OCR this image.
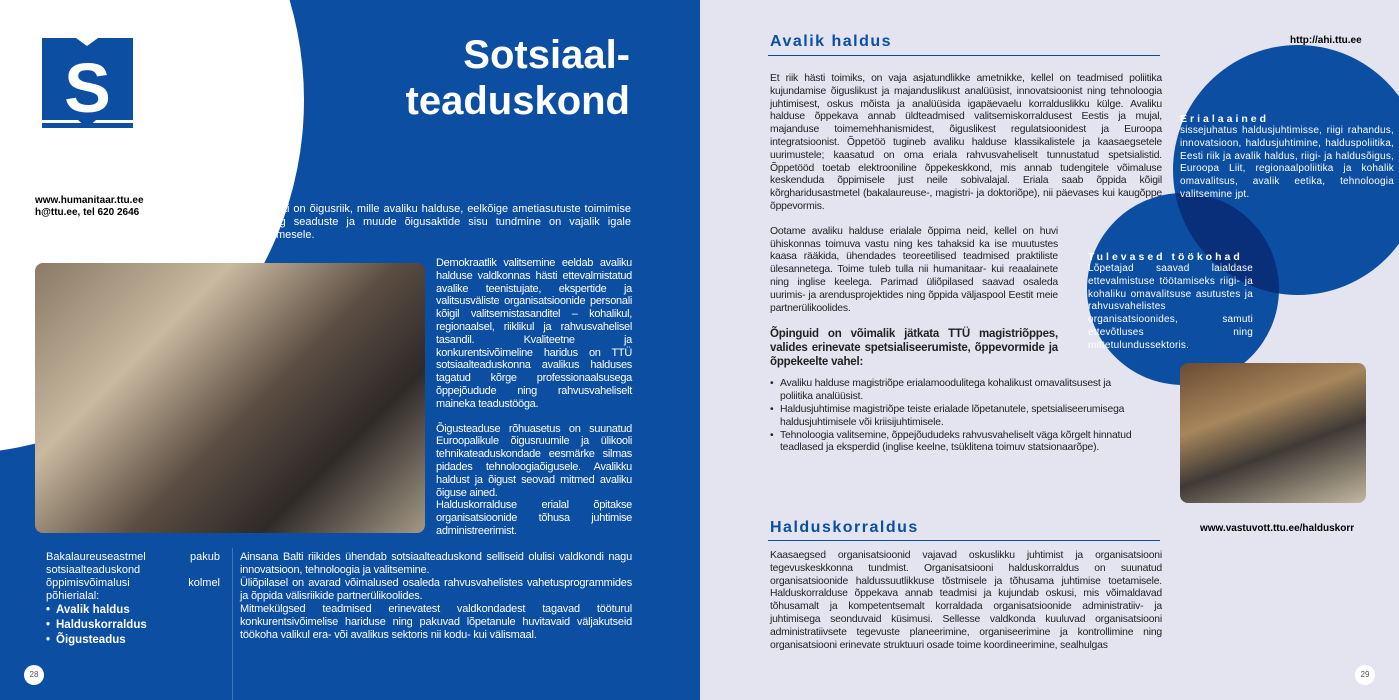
S	Sotsiaal-
teaduskond
www.humanitaar.ttu.ee
h@ttu.ee, tel 620 2646	Eesti on õigusriik, mille avaliku halduse, eelkõige ametiasutuste toimimise ning seaduste ja muude õigusaktide sisu tundmine on vajalik igale inimesele.

Demokraatlik valitsemine eeldab avaliku halduse valdkonnas hästi ettevalmistatud avalike teenistujate, ekspertide ja valitsusväliste organisatsioonide personali kõigil valitsemistasanditel – kohalikul, regionaalsel, riiklikul ja rahvusvahelisel tasandil. Kvaliteetne ja konkurentsivõimeline haridus on TTÜ sotsiaalteaduskonna avalikus halduses tagatud kõrge professionaalsusega õppejõudude ning rahvusvaheliselt maineka teadustööga.

Õigusteaduse rõhuasetus on suunatud Euroopalikule õigusruumile ja ülikooli tehnikateaduskondade eesmärke silmas pidades tehnoloogiaõigusele. Avalikku haldust ja õigust seovad mitmed avaliku õiguse ained.

Halduskorralduse erialal õpitakse organisatsioonide tõhusa juhtimise administreerimist.

Bakalaureuseastmel pakub sotsiaalteaduskond õppimisvõimalusi kolmel põhierialal:

• Avalik haldus
• Halduskorraldus
• Õigusteadus

Ainsana Balti riikides ühendab sotsiaalteaduskond selliseid olulisi valdkondi nagu innovatsioon, tehnoloogia ja valitsemine.

Üliõpilasel on avarad võimalused osaleda rahvusvahelistes vahetusprogrammides ja õppida välisriikide partnerülikoolides.

Mitmekülgsed teadmised erinevatest valdkondadest tagavad tööturul konkurentsivõimelise hariduse ning pakuvad lõpetanule huvitavaid väljakutseid töökoha valikul era- või avalikus sektoris nii kodu- kui välismaal.

28
Avalik haldus	http://ahi.ttu.ee

Et riik hästi toimiks, on vaja asjatundlikke ametnikke, kellel on teadmised poliitika kujundamise õiguslikust ja majanduslikust analüüsist, innovatsioonist ning tehnoloogia juhtimisest, oskus mõista ja analüüsida igapäevaelu korralduslikku külge. Avaliku halduse õppekava annab üldteadmised valitsemiskorraldusest Eestis ja mujal, majanduse toimemehhanismidest, õiguslikest regulatsioonidest ja Euroopa integratsioonist. Õppetöö tugineb avaliku halduse klassikalistele ja kaasaegsetele uurimustele; kaasatud on oma eriala rahvusvaheliselt tunnustatud spetsialistid. Õppetööd toetab elektrooniline õppekeskkond, mis annab tudengitele võimaluse keskenduda õppimisele just neile sobivalajal. Eriala saab õppida kõigil kõrgharidusastmetel (bakalaureuse-, magistri- ja doktoriõpe), nii päevases kui kaugõppe õppevormis.

Ootame avaliku halduse erialale õppima neid, kellel on huvi ühiskonnas toimuva vastu ning kes tahaksid ka ise muutustes kaasa rääkida, ühendades teoreetilised teadmised praktiliste ülesannetega. Toime tuleb tulla nii humanitaar- kui reaalainete ning inglise keelega. Parimad üliõpilased saavad osaleda uurimis- ja arendusprojektides ning õppida väljaspool Eestit meie partnerülikoolides.

Õpinguid on võimalik jätkata TTÜ magistriõppes, valides erinevate spetsialiseerumiste, õppevormide ja õppekeelte vahel:

• Avaliku halduse magistriõpe erialamoodulitega kohalikust omavalitsusest ja poliitika analüüsist.
• Haldusjuhtimise magistriõpe teiste erialade lõpetanutele, spetsialiseerumisega haldusjuhtimisele või kriisijuhtimisele.
• Tehnoloogia valitsemine, õppejõududeks rahvusvaheliselt väga kõrgelt hinnatud teadlased ja eksperdid (inglise keelne, tsüklitena toimuv statsionaarõpe).
Erialaained
sissejuhatus haldusjuhtimisse, riigi rahandus, innovatsioon, haldusjuhtimine, halduspoliitika, Eesti riik ja avalik haldus, riigi- ja haldusõigus, Euroopa Liit, regionaalpoliitika ja kohalik omavalitsus, avalik eetika, tehnoloogia valitsemine jpt.
Tulevased töökohad
Lõpetajad saavad laialdase ettevalmistuse töötamiseks riigi- ja kohaliku omavalitsuse asutustes ja rahvusvahelistes organisatsioonides, samuti ettevõtluses ning mittetulundussektoris.
www.vastuvott.ttu.ee/halduskorr
Halduskorraldus
Kaasaegsed organisatsioonid vajavad oskuslikku juhtimist ja organisatsiooni tegevuskeskkonna tundmist. Organisatsiooni halduskorraldus on suunatud organisatsioonide haldussuutlikkuse tõstmisele ja tõhusama juhtimise toetamisele. Halduskorralduse õppekava annab teadmisi ja kujundab oskusi, mis võimaldavad tõhusamalt ja kompetentsemalt korraldada organisatsioonide administratiiv- ja juhtimisega seonduvaid küsimusi. Sellesse valdkonda kuuluvad organisatsiooni administratiivsete tegevuste planeerimine, organiseerimine ja kontrollimine ning organisatsiooni erinevate struktuuri osade toime koordineerimine, sealhulgas
29
